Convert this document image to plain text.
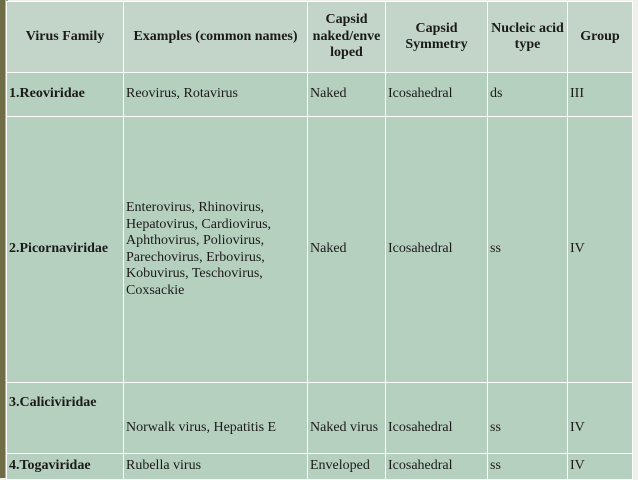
Virus Family	Examples (common names)	Capsid naked/enve loped	Capsid Symmetry	Nucleic acid type	Group
1.Reoviridae	Reovirus, Rotavirus	Naked	Icosahedral	ds	III
2.Picornaviridae	Enterovirus, Rhinovirus, Hepatovirus, Cardiovirus, Aphthovirus, Poliovirus, Parechovirus, Erbovirus, Kobuvirus, Teschovirus, Coxsackie	Naked	Icosahedral	ss	IV
3.Caliciviridae	Norwalk virus, Hepatitis E	Naked virus	Icosahedral	ss	IV
4.Togaviridae	Rubella virus	Enveloped	Icosahedral	ss	IV
